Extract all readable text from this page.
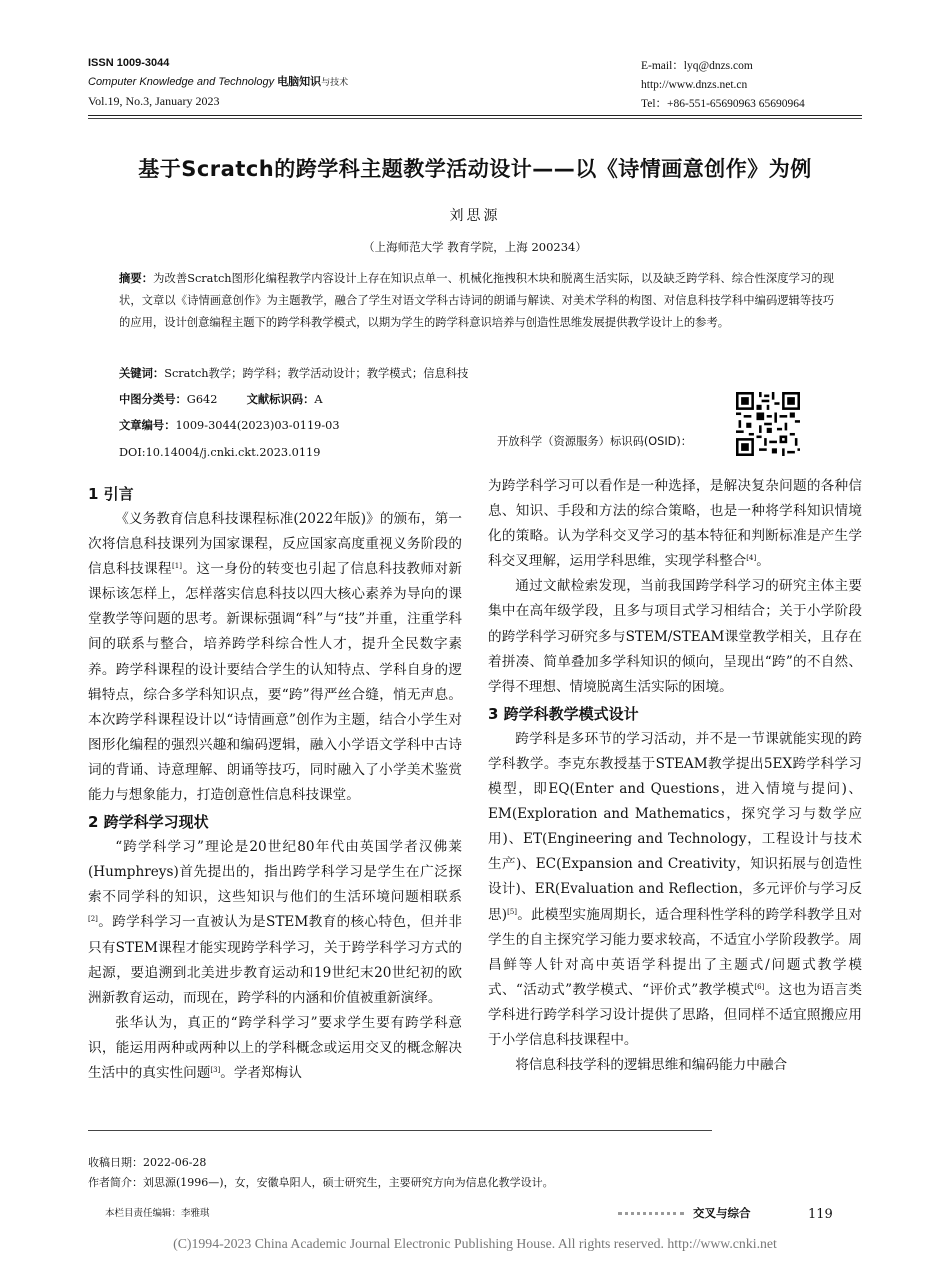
ISSN 1009-3044
Computer Knowledge and Technology 电脑知识与技术
Vol.19, No.3, January 2023
E-mail：lyq@dnzs.com
http://www.dnzs.net.cn
Tel：+86-551-65690963 65690964
基于Scratch的跨学科主题教学活动设计——以《诗情画意创作》为例
刘思源
（上海师范大学 教育学院，上海 200234）
摘要：为改善Scratch图形化编程教学内容设计上存在知识点单一、机械化拖拽积木块和脱离生活实际，以及缺乏跨学科、综合性深度学习的现状，文章以《诗情画意创作》为主题教学，融合了学生对语文学科古诗词的朗诵与解读、对美术学科的构图、对信息科技学科中编码逻辑等技巧的应用，设计创意编程主题下的跨学科教学模式，以期为学生的跨学科意识培养与创造性思维发展提供教学设计上的参考。
关键词：Scratch教学；跨学科；教学活动设计；教学模式；信息科技
中图分类号：G642	文献标识码：A
文章编号：1009-3044(2023)03-0119-03
DOI:10.14004/j.cnki.ckt.2023.0119
开放科学（资源服务）标识码(OSID)：
1 引言

《义务教育信息科技课程标准(2022年版)》的颁布，第一次将信息科技课列为国家课程，反应国家高度重视义务阶段的信息科技课程[1]。这一身份的转变也引起了信息科技教师对新课标该怎样上，怎样落实信息科技以四大核心素养为导向的课堂教学等问题的思考。新课标强调“科”与“技”并重，注重学科间的联系与整合，培养跨学科综合性人才，提升全民数字素养。跨学科课程的设计要结合学生的认知特点、学科自身的逻辑特点，综合多学科知识点，要“跨”得严丝合缝，悄无声息。本次跨学科课程设计以“诗情画意”创作为主题，结合小学生对图形化编程的强烈兴趣和编码逻辑，融入小学语文学科中古诗词的背诵、诗意理解、朗诵等技巧，同时融入了小学美术鉴赏能力与想象能力，打造创意性信息科技课堂。

2 跨学科学习现状

“跨学科学习”理论是20世纪80年代由英国学者汉佛莱(Humphreys)首先提出的，指出跨学科学习是学生在广泛探索不同学科的知识，这些知识与他们的生活环境问题相联系[2]。跨学科学习一直被认为是STEM教育的核心特色，但并非只有STEM课程才能实现跨学科学习，关于跨学科学习方式的起源，要追溯到北美进步教育运动和19世纪末20世纪初的欧洲新教育运动，而现在，跨学科的内涵和价值被重新演绎。

张华认为，真正的“跨学科学习”要求学生要有跨学科意识，能运用两种或两种以上的学科概念或运用交叉的概念解决生活中的真实性问题[3]。学者郑梅认

为跨学科学习可以看作是一种选择，是解决复杂问题的各种信息、知识、手段和方法的综合策略，也是一种将学科知识情境化的策略。认为学科交叉学习的基本特征和判断标准是产生学科交叉理解，运用学科思维，实现学科整合[4]。

通过文献检索发现，当前我国跨学科学习的研究主体主要集中在高年级学段，且多与项目式学习相结合；关于小学阶段的跨学科学习研究多与STEM/STEAM课堂教学相关，且存在着拼凑、简单叠加多学科知识的倾向，呈现出“跨”的不自然、学得不理想、情境脱离生活实际的困境。

3 跨学科教学模式设计

跨学科是多环节的学习活动，并不是一节课就能实现的跨学科教学。李克东教授基于STEAM教学提出5EX跨学科学习模型，即EQ(Enter and Questions，进入情境与提问)、EM(Exploration and Mathematics，探究学习与数学应用)、ET(Engineering and Technology，工程设计与技术生产)、EC(Expansion and Creativity，知识拓展与创造性设计)、ER(Evaluation and Reflection，多元评价与学习反思)[5]。此模型实施周期长，适合理科性学科的跨学科教学且对学生的自主探究学习能力要求较高，不适宜小学阶段教学。周昌鲜等人针对高中英语学科提出了主题式/问题式教学模式、“活动式”教学模式、“评价式”教学模式[6]。这也为语言类学科进行跨学科学习设计提供了思路，但同样不适宜照搬应用于小学信息科技课程中。

将信息科技学科的逻辑思维和编码能力中融合

收稿日期：2022-06-28
作者简介：刘思源(1996—)，女，安徽阜阳人，硕士研究生，主要研究方向为信息化教学设计。
本栏目责任编辑：李雅琪	交叉与综合	119
(C)1994-2023 China Academic Journal Electronic Publishing House. All rights reserved. http://www.cnki.net
